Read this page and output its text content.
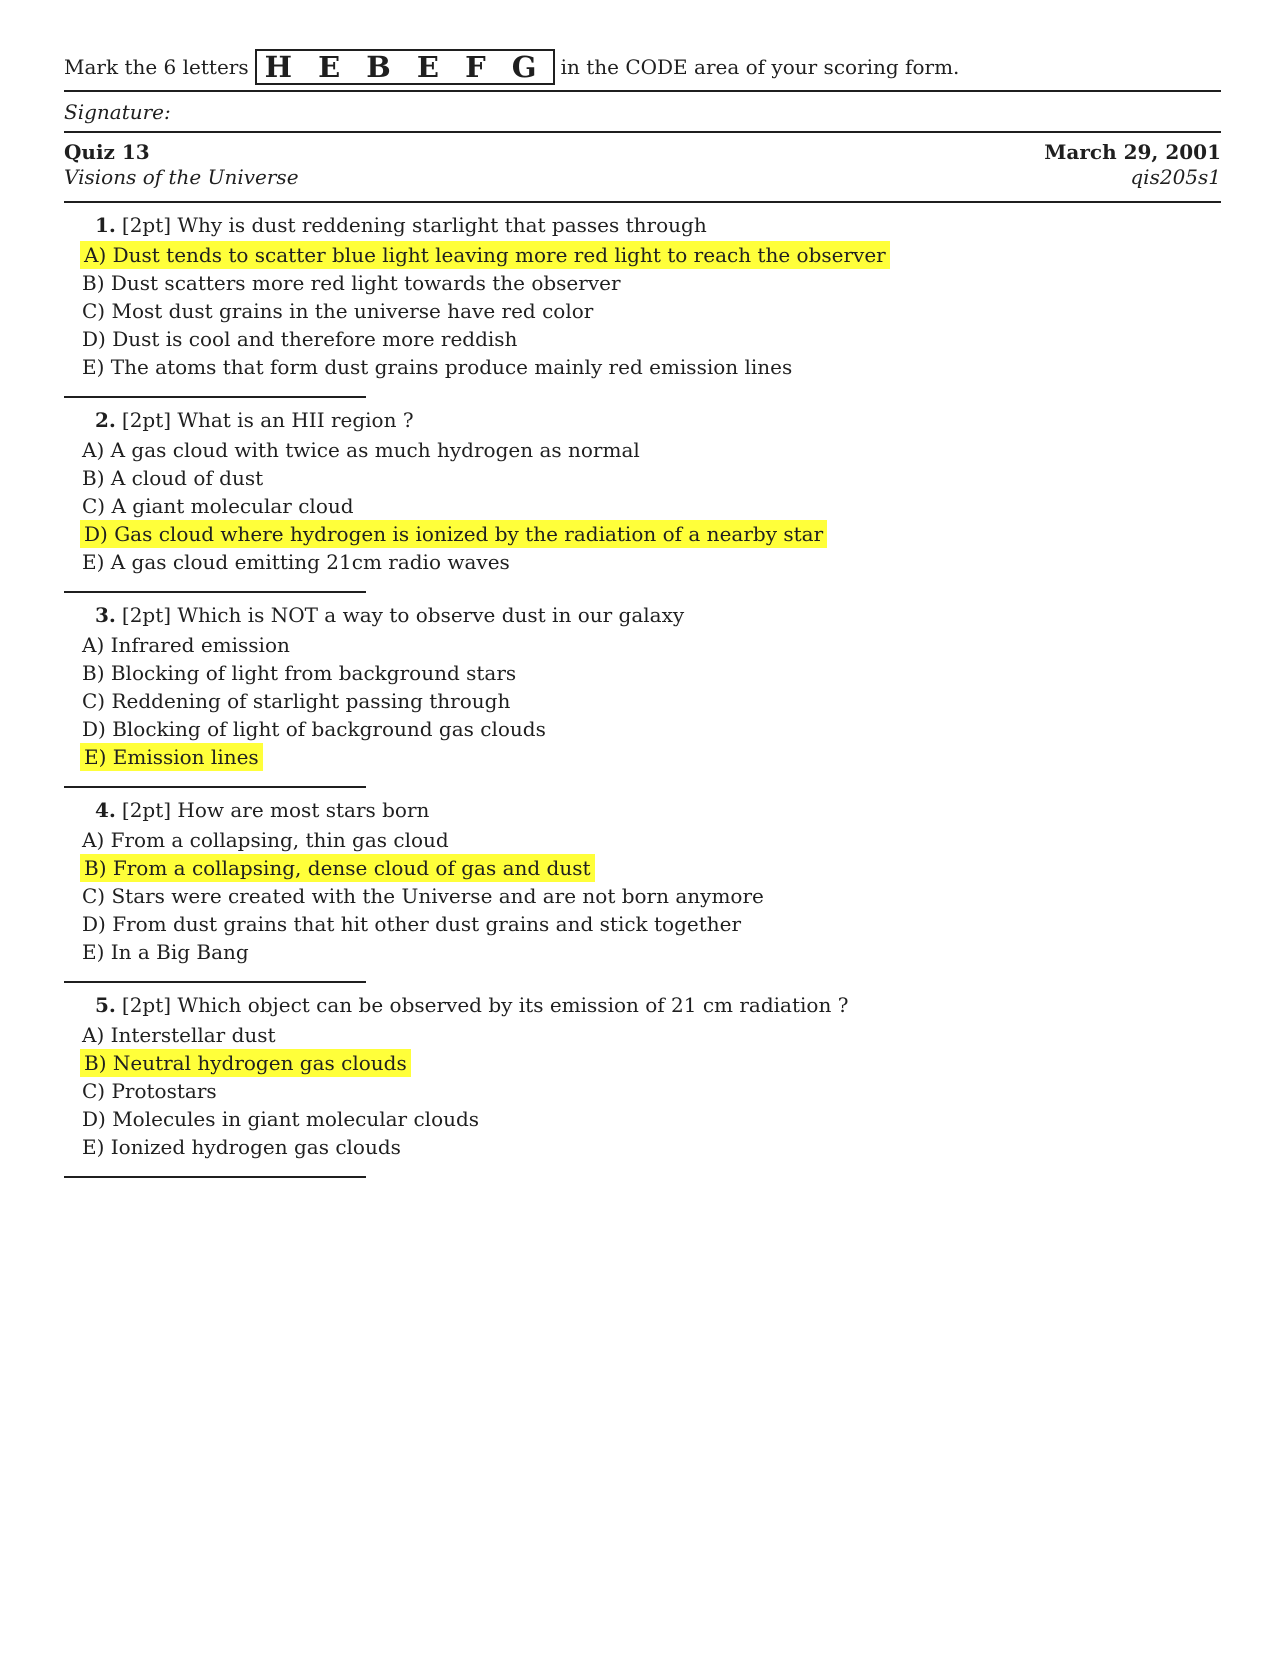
Mark the 6 letters H E B E F G in the CODE area of your scoring form.
Signature:
Quiz 13
Visions of the Universe
March 29, 2001
qis205s1
1. [2pt] Why is dust reddening starlight that passes through
A) Dust tends to scatter blue light leaving more red light to reach the observer
B) Dust scatters more red light towards the observer
C) Most dust grains in the universe have red color
D) Dust is cool and therefore more reddish
E) The atoms that form dust grains produce mainly red emission lines
2. [2pt] What is an HII region ?
A) A gas cloud with twice as much hydrogen as normal
B) A cloud of dust
C) A giant molecular cloud
D) Gas cloud where hydrogen is ionized by the radiation of a nearby star
E) A gas cloud emitting 21cm radio waves
3. [2pt] Which is NOT a way to observe dust in our galaxy
A) Infrared emission
B) Blocking of light from background stars
C) Reddening of starlight passing through
D) Blocking of light of background gas clouds
E) Emission lines
4. [2pt] How are most stars born
A) From a collapsing, thin gas cloud
B) From a collapsing, dense cloud of gas and dust
C) Stars were created with the Universe and are not born anymore
D) From dust grains that hit other dust grains and stick together
E) In a Big Bang
5. [2pt] Which object can be observed by its emission of 21 cm radiation ?
A) Interstellar dust
B) Neutral hydrogen gas clouds
C) Protostars
D) Molecules in giant molecular clouds
E) Ionized hydrogen gas clouds
